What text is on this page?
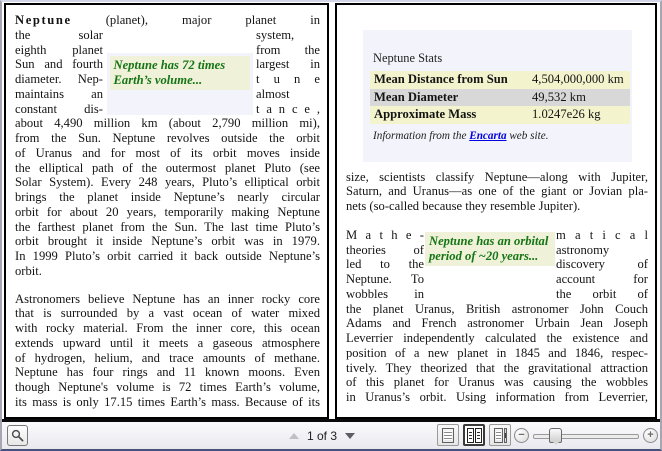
Neptune (planet), major planet in
the solar
eighth planet
Sun and fourth
diameter. Nep-
maintains an
constant dis-
Neptune has 72 times Earth’s volume...
system,
from the
largest in
t u n e
almost
t a n c e ,
about 4,490 million km (about 2,790 million mi),
from the Sun. Neptune revolves outside the orbit
of Uranus and for most of its orbit moves inside
the elliptical path of the outermost planet Pluto (see
Solar System). Every 248 years, Pluto’s elliptical orbit
brings the planet inside Neptune’s nearly circular
orbit for about 20 years, temporarily making Neptune
the farthest planet from the Sun. The last time Pluto’s
orbit brought it inside Neptune’s orbit was in 1979.
In 1999 Pluto’s orbit carried it back outside Neptune’s
orbit.
Astronomers believe Neptune has an inner rocky core
that is surrounded by a vast ocean of water mixed
with rocky material. From the inner core, this ocean
extends upward until it meets a gaseous atmosphere
of hydrogen, helium, and trace amounts of methane.
Neptune has four rings and 11 known moons. Even
though Neptune's volume is 72 times Earth’s volume,
its mass is only 17.15 times Earth’s mass. Because of its
Neptune Stats
Mean Distance from Sun	4,504,000,000 km
Mean Diameter	49,532 km
Approximate Mass	1.0247e26 kg
Information from the Encarta web site.
size, scientists classify Neptune—along with Jupiter,
Saturn, and Uranus—as one of the giant or Jovian pla-
nets (so-called because they resemble Jupiter).
M a t h e -
theories of
led to the
Neptune. To
wobbles in
Neptune has an orbital period of ~20 years...
m a t i c a l
astronomy
discovery of
account for
the orbit of
the planet Uranus, British astronomer John Couch
Adams and French astronomer Urbain Jean Joseph
Leverrier independently calculated the existence and
position of a new planet in 1845 and 1846, respec-
tively. They theorized that the gravitational attraction
of this planet for Uranus was causing the wobbles
in Uranus’s orbit. Using information from Leverrier,
1 of 3	−	+
